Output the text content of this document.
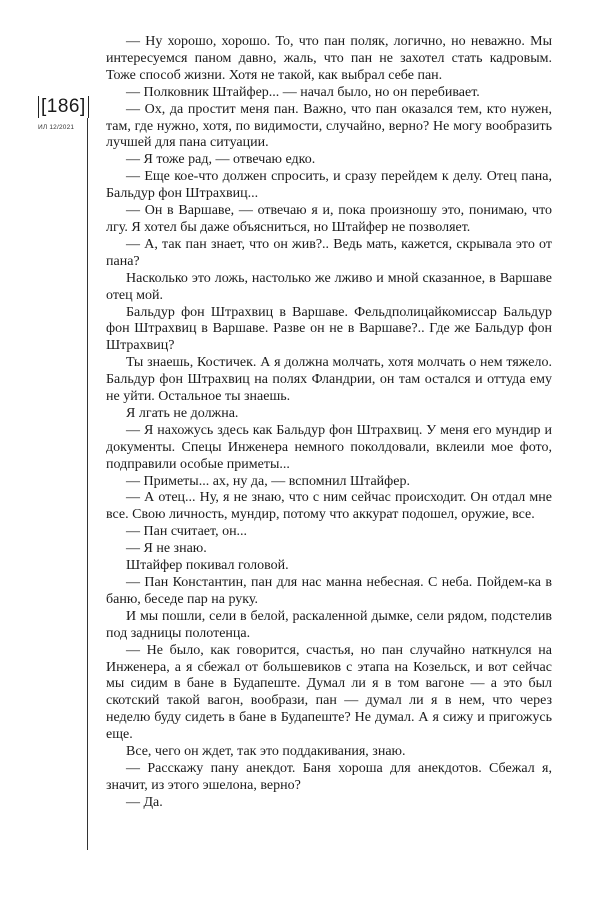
[186]
ИЛ 12/2021

— Ну хорошо, хорошо. То, что пан поляк, логично, но неважно. Мы интересуемся паном давно, жаль, что пан не захотел стать кадровым. Тоже способ жизни. Хотя не такой, как выбрал себе пан.

— Полковник Штайфер... — начал было, но он перебивает.

— Ох, да простит меня пан. Важно, что пан оказался тем, кто нужен, там, где нужно, хотя, по видимости, случайно, верно? Не могу вообразить лучшей для пана ситуации.

— Я тоже рад, — отвечаю едко.

— Еще кое-что должен спросить, и сразу перейдем к делу. Отец пана, Бальдур фон Штрахвиц...

— Он в Варшаве, — отвечаю я и, пока произношу это, понимаю, что лгу. Я хотел бы даже объясниться, но Штайфер не позволяет.

— А, так пан знает, что он жив?.. Ведь мать, кажется, скрывала это от пана?

Насколько это ложь, настолько же лживо и мной сказанное, в Варшаве отец мой.

Бальдур фон Штрахвиц в Варшаве. Фельдполицайкомиссар Бальдур фон Штрахвиц в Варшаве. Разве он не в Варшаве?.. Где же Бальдур фон Штрахвиц?

Ты знаешь, Костичек. А я должна молчать, хотя молчать о нем тяжело. Бальдур фон Штрахвиц на полях Фландрии, он там остался и оттуда ему не уйти. Остальное ты знаешь.

Я лгать не должна.

— Я нахожусь здесь как Бальдур фон Штрахвиц. У меня его мундир и документы. Спецы Инженера немного поколдовали, вклеили мое фото, подправили особые приметы...

— Приметы... ах, ну да, — вспомнил Штайфер.

— А отец... Ну, я не знаю, что с ним сейчас происходит. Он отдал мне все. Свою личность, мундир, потому что аккурат подошел, оружие, все.

— Пан считает, он...

— Я не знаю.

Штайфер покивал головой.

— Пан Константин, пан для нас манна небесная. С неба. Пойдем-ка в баню, беседе пар на руку.

И мы пошли, сели в белой, раскаленной дымке, сели рядом, подстелив под задницы полотенца.

— Не было, как говорится, счастья, но пан случайно наткнулся на Инженера, а я сбежал от большевиков с этапа на Козельск, и вот сейчас мы сидим в бане в Будапеште. Думал ли я в том вагоне — а это был скотский такой вагон, вообрази, пан — думал ли я в нем, что через неделю буду сидеть в бане в Будапеште? Не думал. А я сижу и пригожусь еще.

Все, чего он ждет, так это поддакивания, знаю.

— Расскажу пану анекдот. Баня хороша для анекдотов. Сбежал я, значит, из этого эшелона, верно?

— Да.
